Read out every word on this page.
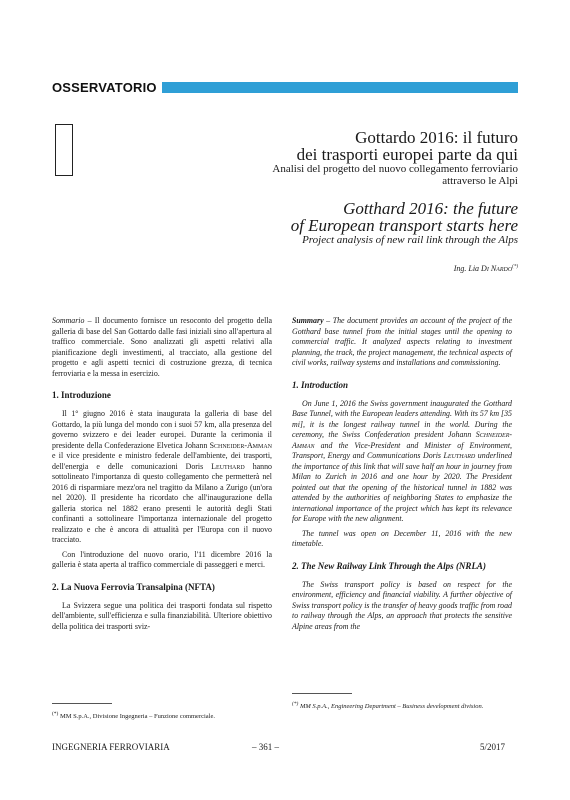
OSSERVATORIO
Gottardo 2016: il futuro
dei trasporti europei parte da qui
Analisi del progetto del nuovo collegamento ferroviario
attraverso le Alpi
Gotthard 2016: the future
of European transport starts here
Project analysis of new rail link through the Alps
Ing. Lia Di Nardo(*)

Sommario – Il documento fornisce un resoconto del progetto della galleria di base del San Gottardo dalle fasi iniziali sino all'apertura al traffico commerciale. Sono analizzati gli aspetti relativi alla pianificazione degli investimenti, al tracciato, alla gestione del progetto e agli aspetti tecnici di costruzione grezza, di tecnica ferroviaria e la messa in esercizio.

1. Introduzione

Il 1° giugno 2016 è stata inaugurata la galleria di base del Gottardo, la più lunga del mondo con i suoi 57 km, alla presenza del governo svizzero e dei leader europei. Durante la cerimonia il presidente della Confederazione Elvetica Johann Schneider-Amman e il vice presidente e ministro federale dell'ambiente, dei trasporti, dell'energia e delle comunicazioni Doris Leuthard hanno sottolineato l'importanza di questo collegamento che permetterà nel 2016 di risparmiare mezz'ora nel tragitto da Milano a Zurigo (un'ora nel 2020). Il presidente ha ricordato che all'inaugurazione della galleria storica nel 1882 erano presenti le autorità degli Stati confinanti a sottolineare l'importanza internazionale del progetto realizzato e che è ancora di attualità per l'Europa con il nuovo tracciato.

Con l'introduzione del nuovo orario, l'11 dicembre 2016 la galleria è stata aperta al traffico commerciale di passeggeri e merci.

2. La Nuova Ferrovia Transalpina (NFTA)

La Svizzera segue una politica dei trasporti fondata sul rispetto dell'ambiente, sull'efficienza e sulla finanziabilità. Ulteriore obiettivo della politica dei trasporti sviz-

Summary – The document provides an account of the project of the Gotthard base tunnel from the initial stages until the opening to commercial traffic. It analyzed aspects relating to investment planning, the track, the project management, the technical aspects of civil works, railway systems and installations and commissioning.

1. Introduction

On June 1, 2016 the Swiss government inaugurated the Gotthard Base Tunnel, with the European leaders attending. With its 57 km [35 mi], it is the longest railway tunnel in the world. During the ceremony, the Swiss Confederation president Johann Schneider-Amman and the Vice-President and Minister of Environment, Transport, Energy and Communications Doris Leuthard underlined the importance of this link that will save half an hour in journey from Milan to Zurich in 2016 and one hour by 2020. The President pointed out that the opening of the historical tunnel in 1882 was attended by the authorities of neighboring States to emphasize the international importance of the project which has kept its relevance for Europe with the new alignment.

The tunnel was open on December 11, 2016 with the new timetable.

2. The New Railway Link Through the Alps (NRLA)

The Swiss transport policy is based on respect for the environment, efficiency and financial viability. A further objective of Swiss transport policy is the transfer of heavy goods traffic from road to railway through the Alps, an approach that protects the sensitive Alpine areas from the

(*) MM S.p.A., Divisione Ingegneria – Funzione commerciale.
(*) MM S.p.A., Engineering Department – Business development division.
INGEGNERIA FERROVIARIA	– 361 –	5/2017
